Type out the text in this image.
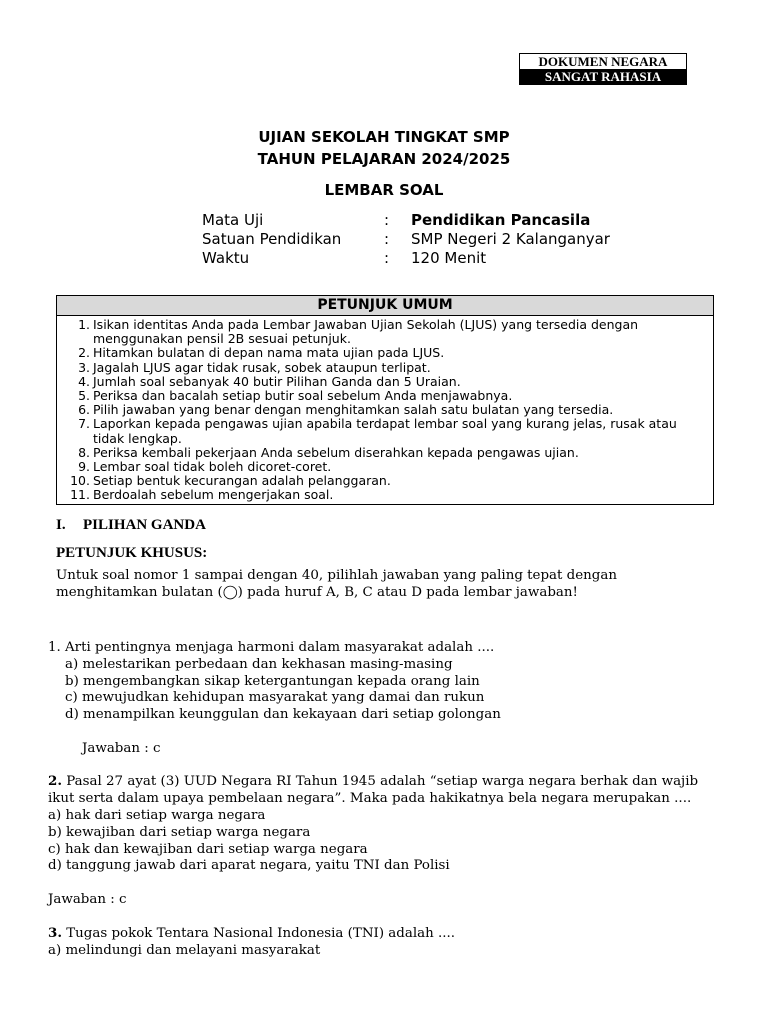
DOKUMEN NEGARA
SANGAT RAHASIA
UJIAN SEKOLAH TINGKAT SMP
TAHUN PELAJARAN 2024/2025
LEMBAR SOAL
Mata Uji	: Pendidikan Pancasila
Satuan Pendidikan	: SMP Negeri 2 Kalanganyar
Waktu	: 120 Menit
PETUNJUK UMUM
1. Isikan identitas Anda pada Lembar Jawaban Ujian Sekolah (LJUS) yang tersedia dengan menggunakan pensil 2B sesuai petunjuk.
2. Hitamkan bulatan di depan nama mata ujian pada LJUS.
3. Jagalah LJUS agar tidak rusak, sobek ataupun terlipat.
4. Jumlah soal sebanyak 40 butir Pilihan Ganda dan 5 Uraian.
5. Periksa dan bacalah setiap butir soal sebelum Anda menjawabnya.
6. Pilih jawaban yang benar dengan menghitamkan salah satu bulatan yang tersedia.
7. Laporkan kepada pengawas ujian apabila terdapat lembar soal yang kurang jelas, rusak atau tidak lengkap.
8. Periksa kembali pekerjaan Anda sebelum diserahkan kepada pengawas ujian.
9. Lembar soal tidak boleh dicoret-coret.
10. Setiap bentuk kecurangan adalah pelanggaran.
11. Berdoalah sebelum mengerjakan soal.
I. PILIHAN GANDA
PETUNJUK KHUSUS:
Untuk soal nomor 1 sampai dengan 40, pilihlah jawaban yang paling tepat dengan menghitamkan bulatan (◯) pada huruf A, B, C atau D pada lembar jawaban!
1. Arti pentingnya menjaga harmoni dalam masyarakat adalah ....
a) melestarikan perbedaan dan kekhasan masing-masing
b) mengembangkan sikap ketergantungan kepada orang lain
c) mewujudkan kehidupan masyarakat yang damai dan rukun
d) menampilkan keunggulan dan kekayaan dari setiap golongan
Jawaban : c
2. Pasal 27 ayat (3) UUD Negara RI Tahun 1945 adalah “setiap warga negara berhak dan wajib ikut serta dalam upaya pembelaan negara”. Maka pada hakikatnya bela negara merupakan ....
a) hak dari setiap warga negara
b) kewajiban dari setiap warga negara
c) hak dan kewajiban dari setiap warga negara
d) tanggung jawab dari aparat negara, yaitu TNI dan Polisi
Jawaban : c
3. Tugas pokok Tentara Nasional Indonesia (TNI) adalah ....
a) melindungi dan melayani masyarakat
